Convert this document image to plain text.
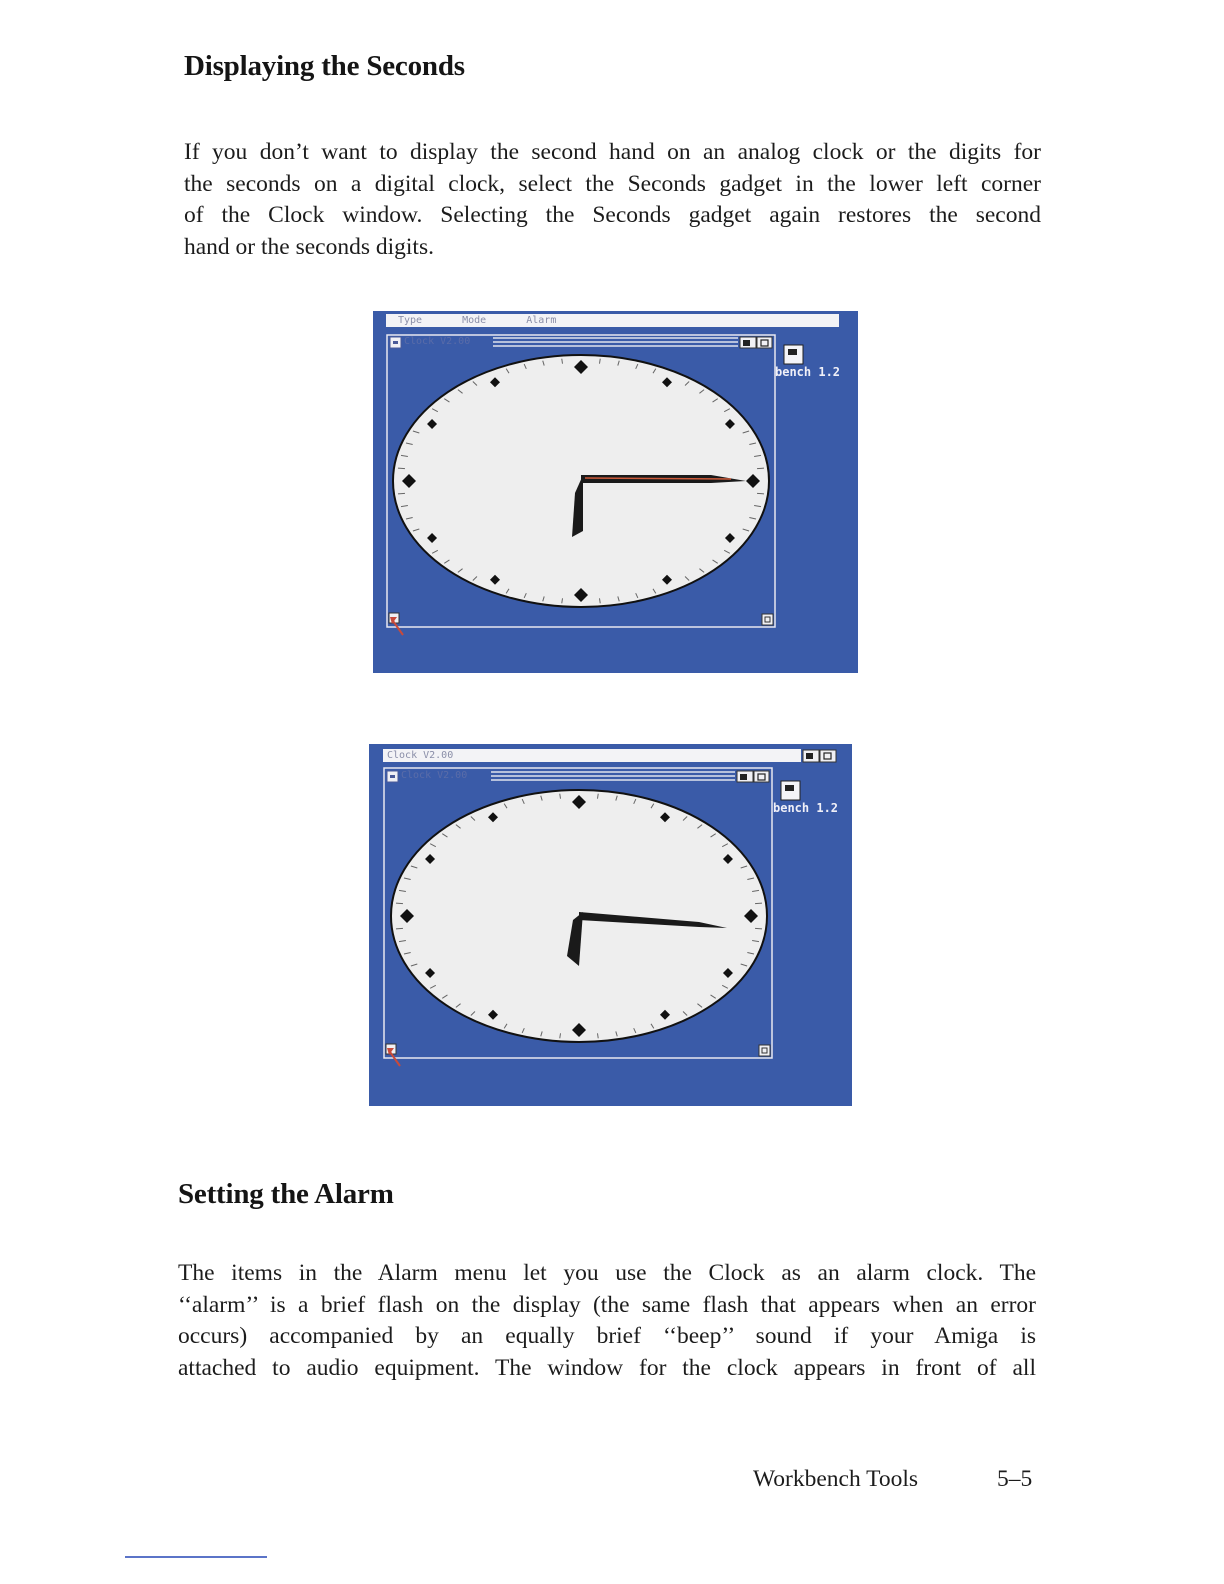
Displaying the Seconds

If you don’t want to display the second hand on an analog clock or the digits for
the seconds on a digital clock, select the Seconds gadget in the lower left corner
of the Clock window. Selecting the Seconds gadget again restores the second
hand or the seconds digits.

Type	Mode	Alarm
Clock V2.00
bench 1.2
Clock V2.00
Clock V2.00
bench 1.2
Setting the Alarm

The items in the Alarm menu let you use the Clock as an alarm clock. The
‘‘alarm’’ is a brief flash on the display (the same flash that appears when an error
occurs) accompanied by an equally brief ‘‘beep’’ sound if your Amiga is
attached to audio equipment. The window for the clock appears in front of all

Workbench Tools	5–5
